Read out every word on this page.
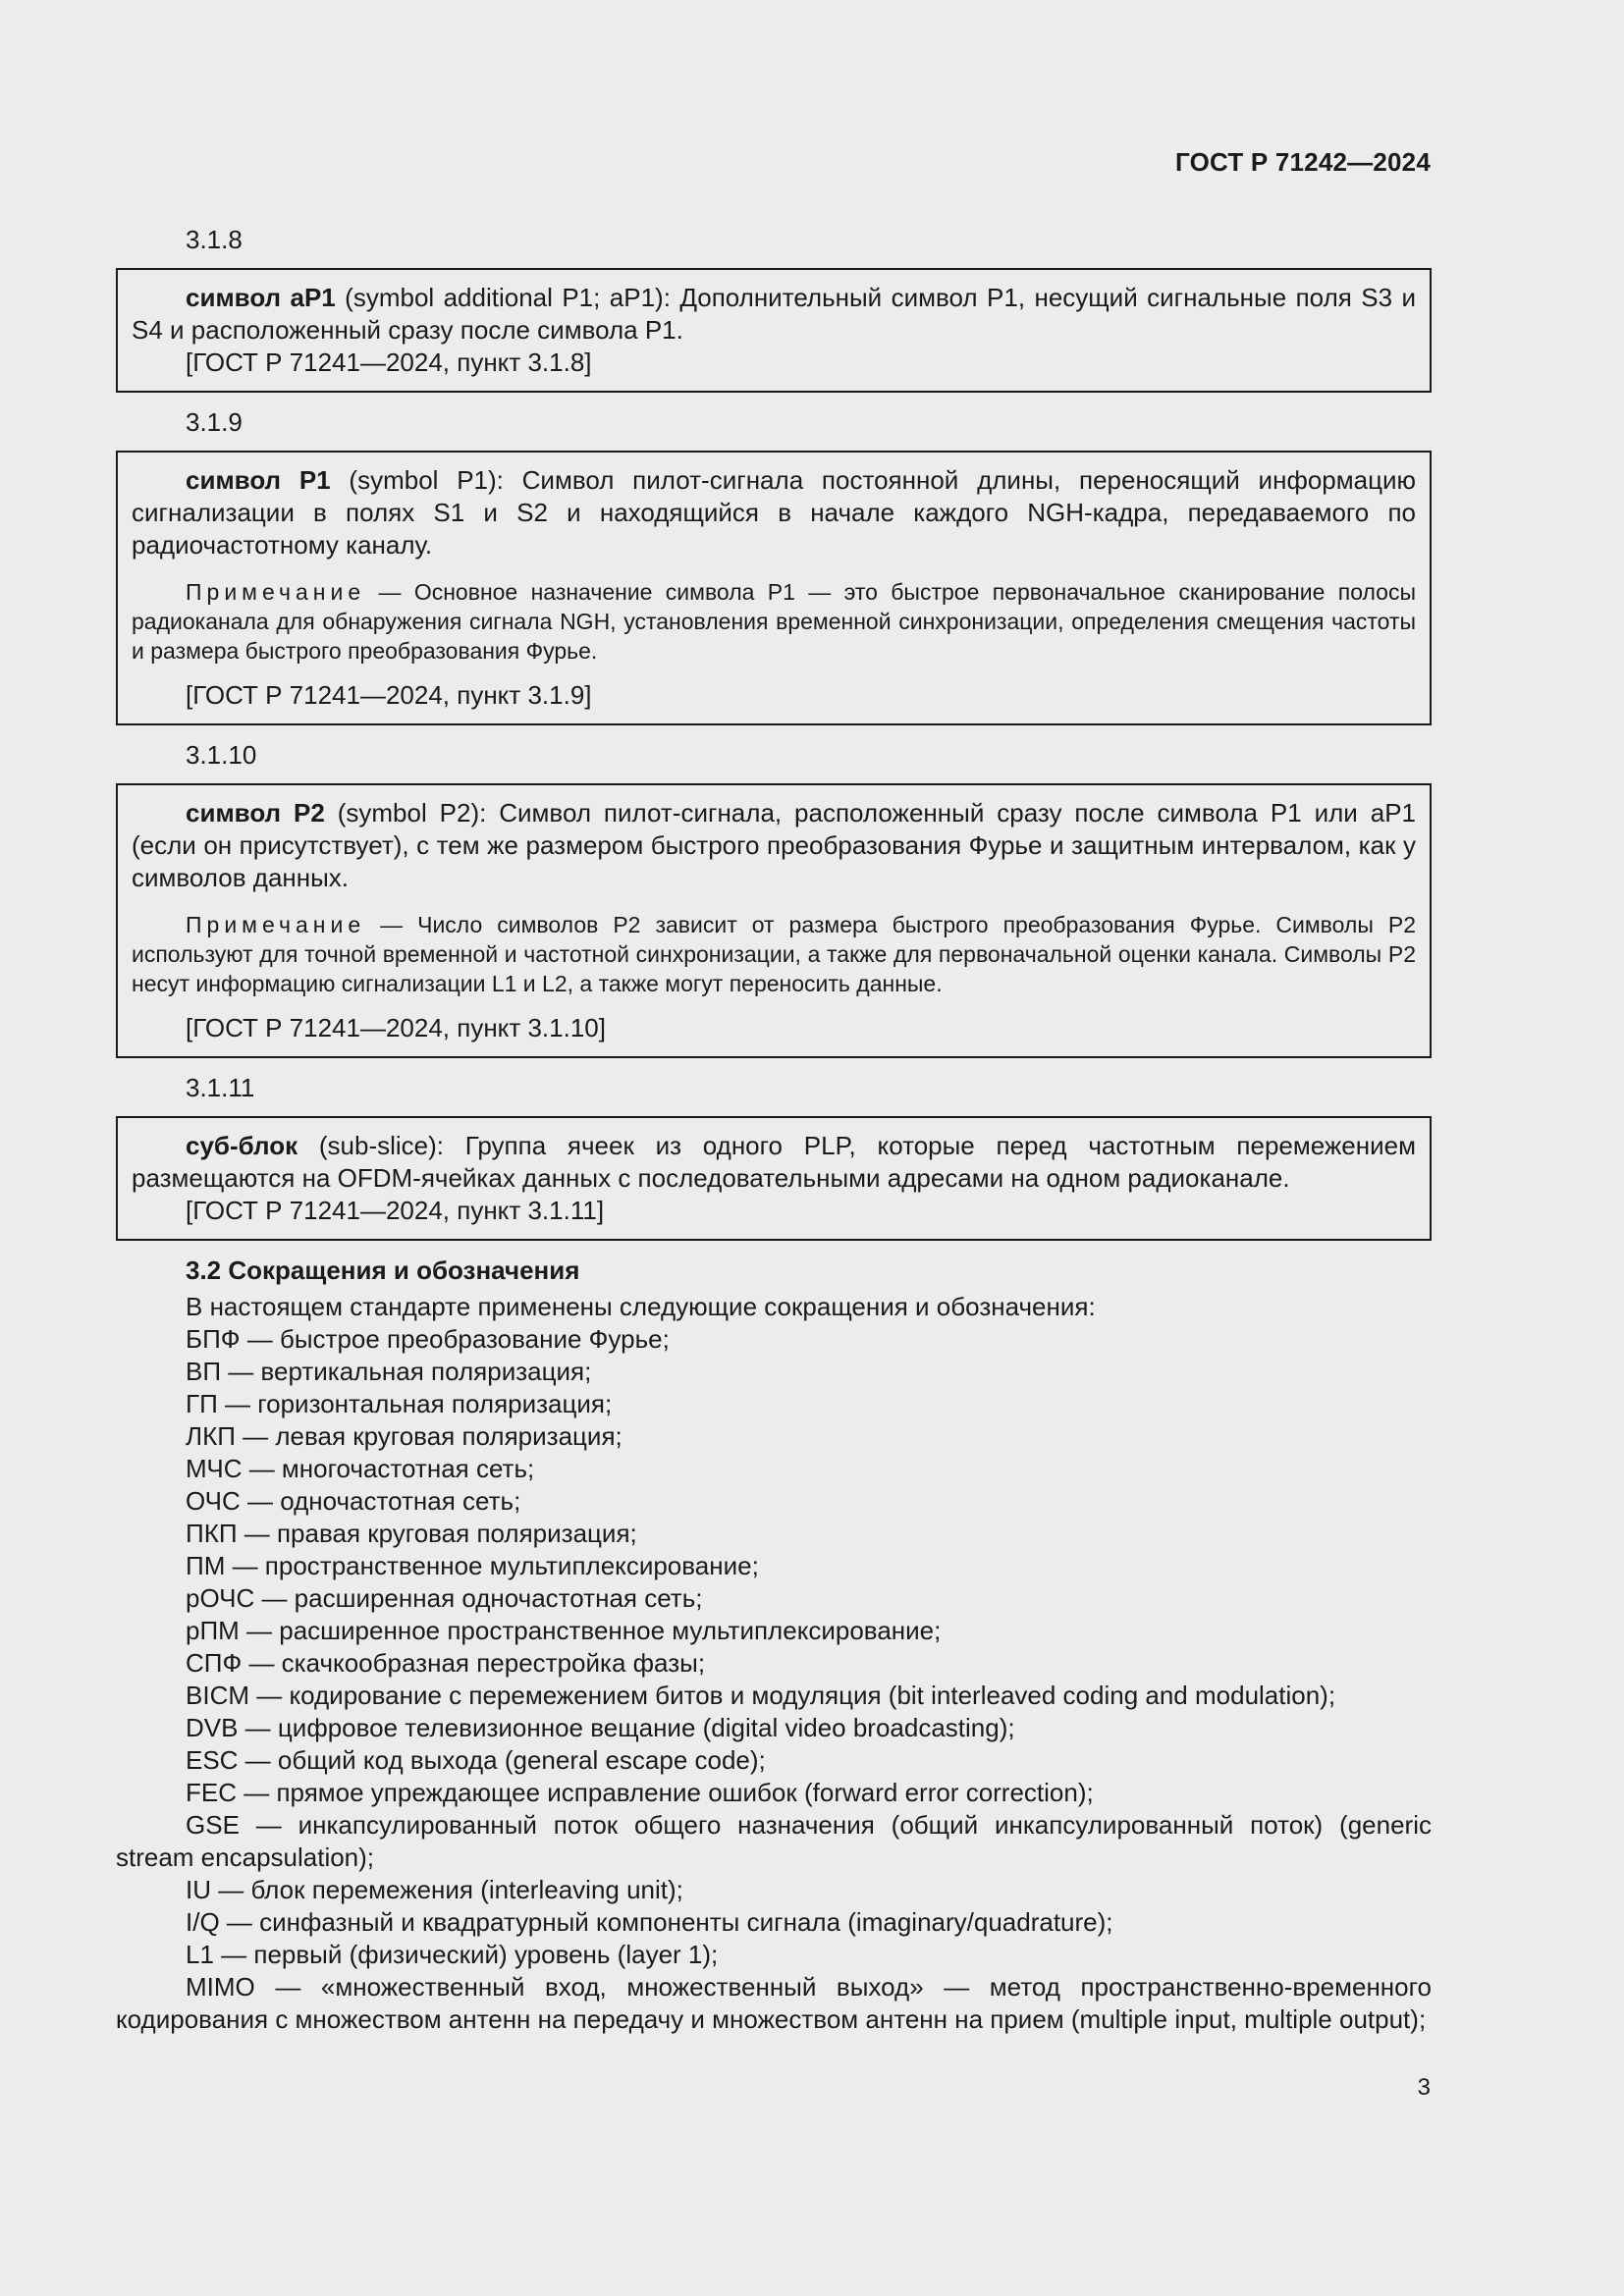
ГОСТ Р 71242—2024
3.1.8

символ aP1 (symbol additional P1; aP1): Дополнительный символ P1, несущий сигнальные поля S3 и S4 и расположенный сразу после символа P1.

[ГОСТ Р 71241—2024, пункт 3.1.8]

3.1.9

символ P1 (symbol P1): Символ пилот-сигнала постоянной длины, переносящий информацию сигнализации в полях S1 и S2 и находящийся в начале каждого NGH-кадра, передаваемого по радиочастотному каналу.

Примечание — Основное назначение символа P1 — это быстрое первоначальное сканирование полосы радиоканала для обнаружения сигнала NGH, установления временной синхронизации, определения смещения частоты и размера быстрого преобразования Фурье.

[ГОСТ Р 71241—2024, пункт 3.1.9]

3.1.10

символ P2 (symbol P2): Символ пилот-сигнала, расположенный сразу после символа P1 или aP1 (если он присутствует), с тем же размером быстрого преобразования Фурье и защитным интервалом, как у символов данных.

Примечание — Число символов P2 зависит от размера быстрого преобразования Фурье. Символы P2 используют для точной временной и частотной синхронизации, а также для первоначальной оценки канала. Символы P2 несут информацию сигнализации L1 и L2, а также могут переносить данные.

[ГОСТ Р 71241—2024, пункт 3.1.10]

3.1.11

суб-блок (sub-slice): Группа ячеек из одного PLP, которые перед частотным перемежением размещаются на OFDM-ячейках данных с последовательными адресами на одном радиоканале.

[ГОСТ Р 71241—2024, пункт 3.1.11]

3.2 Сокращения и обозначения

В настоящем стандарте применены следующие сокращения и обозначения:

БПФ — быстрое преобразование Фурье;

ВП — вертикальная поляризация;

ГП — горизонтальная поляризация;

ЛКП — левая круговая поляризация;

МЧС — многочастотная сеть;

ОЧС — одночастотная сеть;

ПКП — правая круговая поляризация;

ПМ — пространственное мультиплексирование;

рОЧС — расширенная одночастотная сеть;

рПМ — расширенное пространственное мультиплексирование;

СПФ — скачкообразная перестройка фазы;

BICM — кодирование с перемежением битов и модуляция (bit interleaved coding and modulation);

DVB — цифровое телевизионное вещание (digital video broadcasting);

ESC — общий код выхода (general escape code);

FEC — прямое упреждающее исправление ошибок (forward error correction);

GSE — инкапсулированный поток общего назначения (общий инкапсулированный поток) (generic stream encapsulation);

IU — блок перемежения (interleaving unit);

I/Q — синфазный и квадратурный компоненты сигнала (imaginary/quadrature);

L1 — первый (физический) уровень (layer 1);

MIMO — «множественный вход, множественный выход» — метод пространственно-временного кодирования с множеством антенн на передачу и множеством антенн на прием (multiple input, multiple output);

3
